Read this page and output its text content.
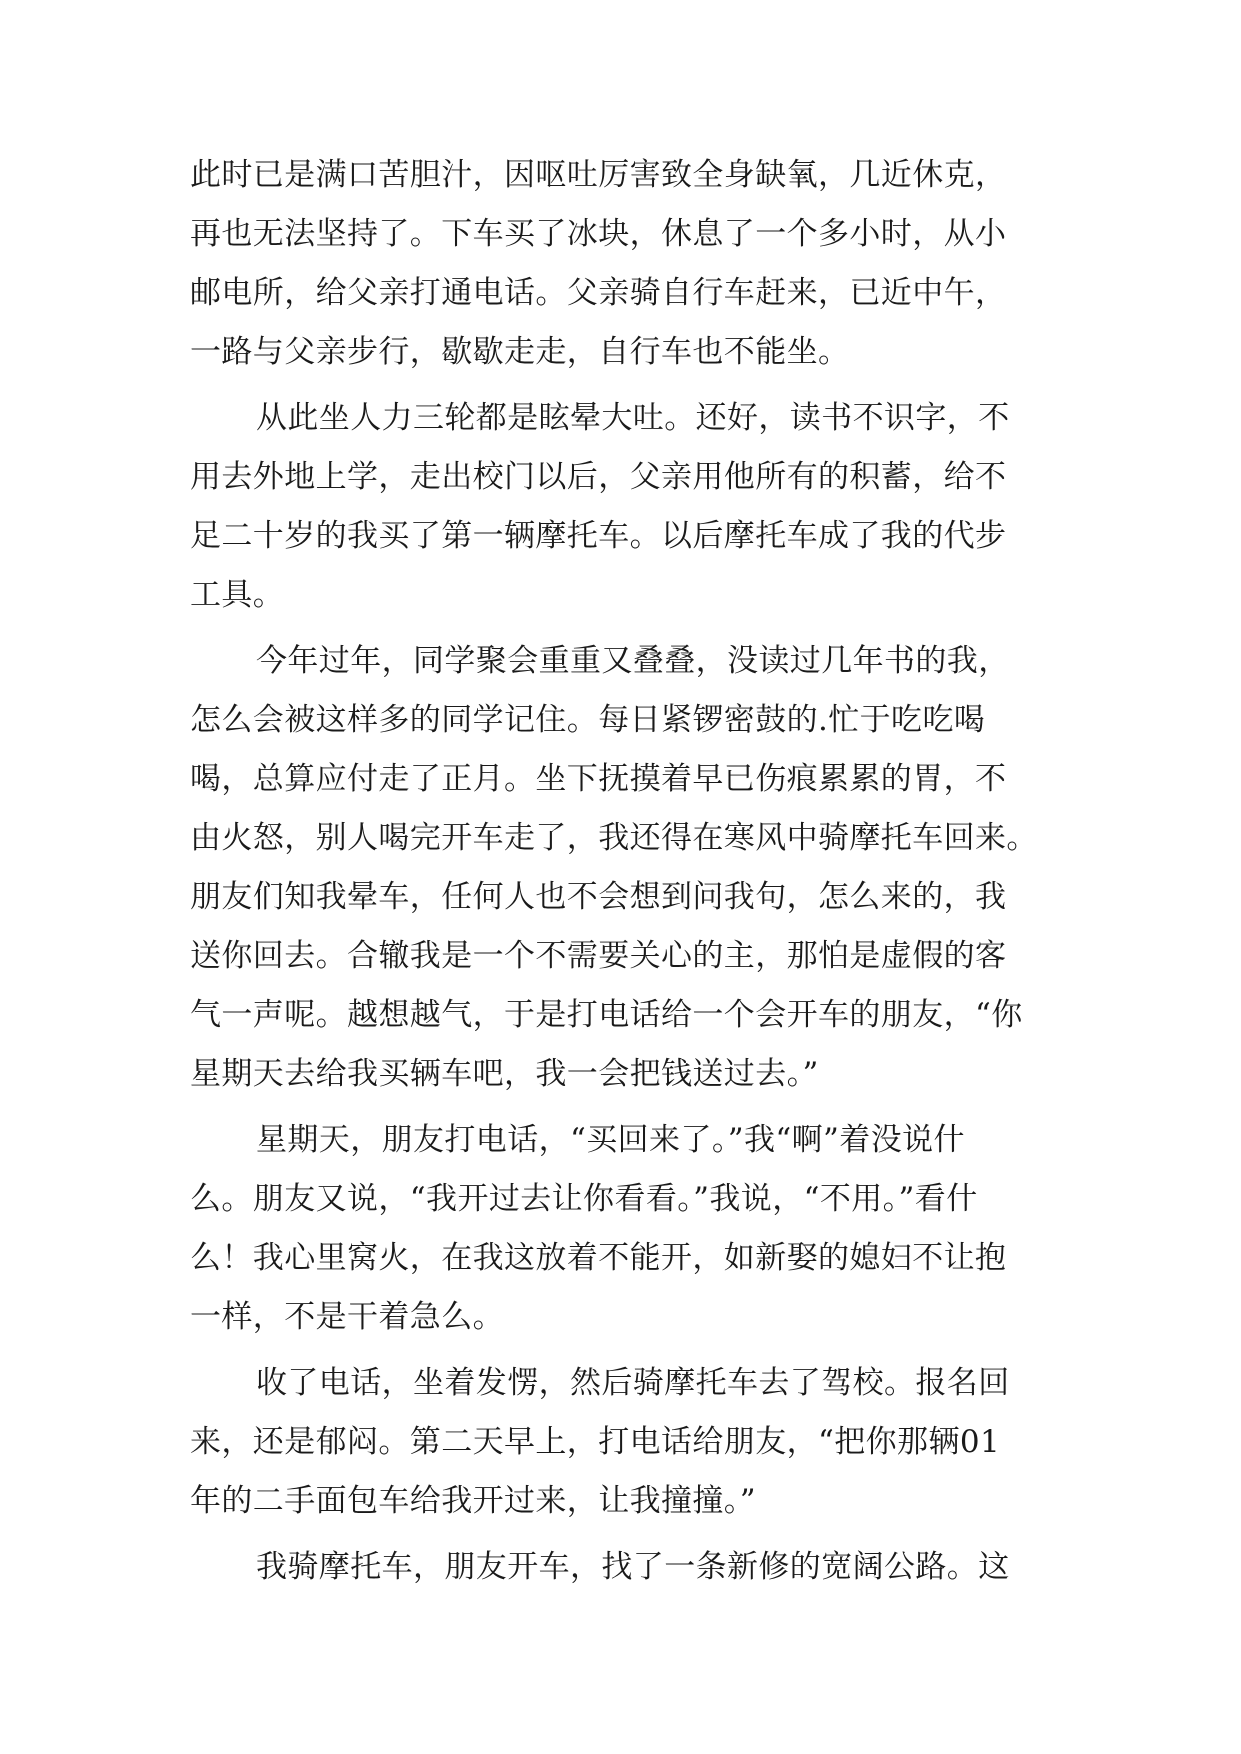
此时已是满口苦胆汁，因呕吐厉害致全身缺氧，几近休克，
再也无法坚持了。下车买了冰块，休息了一个多小时，从小
邮电所，给父亲打通电话。父亲骑自行车赶来，已近中午，
一路与父亲步行，歇歇走走，自行车也不能坐。
从此坐人力三轮都是眩晕大吐。还好，读书不识字，不
用去外地上学，走出校门以后，父亲用他所有的积蓄，给不
足二十岁的我买了第一辆摩托车。以后摩托车成了我的代步
工具。
今年过年，同学聚会重重又叠叠，没读过几年书的我，
怎么会被这样多的同学记住。每日紧锣密鼓的.忙于吃吃喝
喝，总算应付走了正月。坐下抚摸着早已伤痕累累的胃，不
由火怒，别人喝完开车走了，我还得在寒风中骑摩托车回来。
朋友们知我晕车，任何人也不会想到问我句，怎么来的，我
送你回去。合辙我是一个不需要关心的主，那怕是虚假的客
气一声呢。越想越气，于是打电话给一个会开车的朋友，“你
星期天去给我买辆车吧，我一会把钱送过去。”
星期天，朋友打电话，“买回来了。”我“啊”着没说什
么。朋友又说，“我开过去让你看看。”我说，“不用。”看什
么！我心里窝火，在我这放着不能开，如新娶的媳妇不让抱
一样，不是干着急么。
收了电话，坐着发愣，然后骑摩托车去了驾校。报名回
来，还是郁闷。第二天早上，打电话给朋友，“把你那辆01
年的二手面包车给我开过来，让我撞撞。”
我骑摩托车，朋友开车，找了一条新修的宽阔公路。这
